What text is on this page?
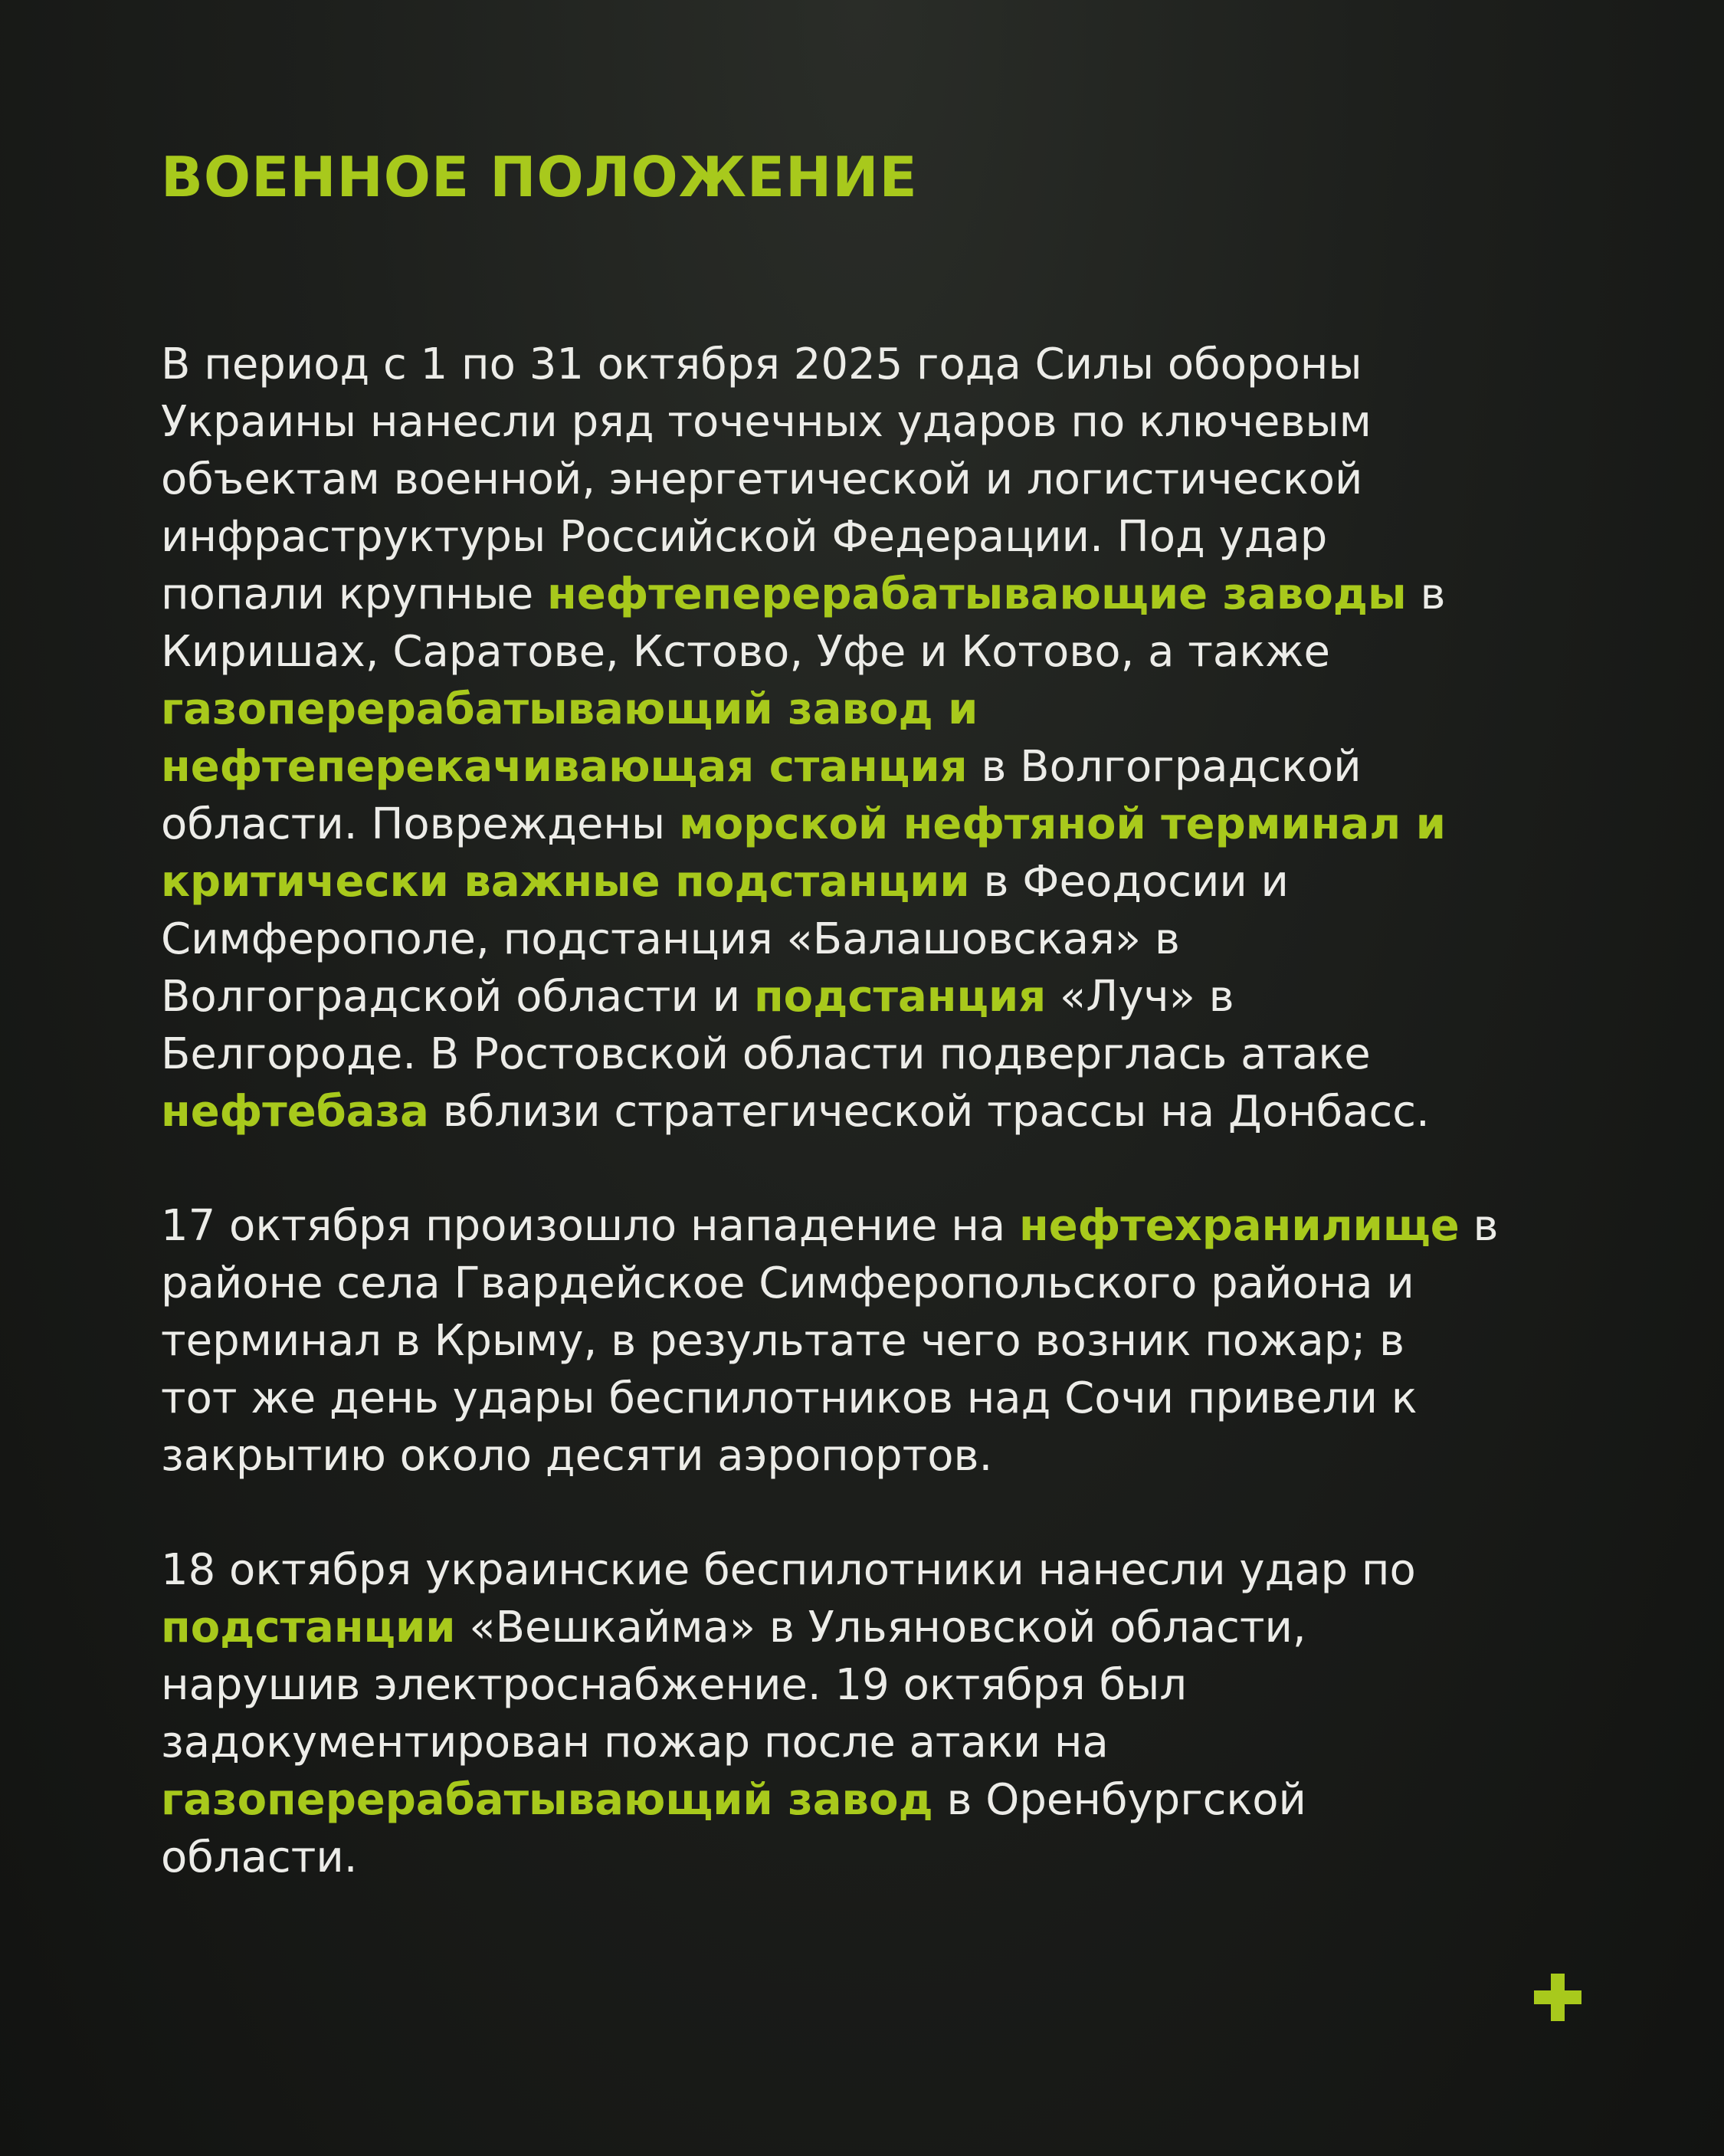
ВОЕННОЕ ПОЛОЖЕНИЕ

В период с 1 по 31 октября 2025 года Силы обороны
Украины нанесли ряд точечных ударов по ключевым
объектам военной, энергетической и логистической
инфраструктуры Российской Федерации. Под удар
попали крупные нефтеперерабатывающие заводы в
Киришах, Саратове, Кстово, Уфе и Котово, а также
газоперерабатывающий завод и
нефтеперекачивающая станция в Волгоградской
области. Повреждены морской нефтяной терминал и
критически важные подстанции в Феодосии и
Симферополе, подстанция «Балашовская» в
Волгоградской области и подстанция «Луч» в
Белгороде. В Ростовской области подверглась атаке
нефтебаза вблизи стратегической трассы на Донбасс.

17 октября произошло нападение на нефтехранилище в
районе села Гвардейское Симферопольского района и
терминал в Крыму, в результате чего возник пожар; в
тот же день удары беспилотников над Сочи привели к
закрытию около десяти аэропортов.

18 октября украинские беспилотники нанесли удар по
подстанции «Вешкайма» в Ульяновской области,
нарушив электроснабжение. 19 октября был
задокументирован пожар после атаки на
газоперерабатывающий завод в Оренбургской
области.
